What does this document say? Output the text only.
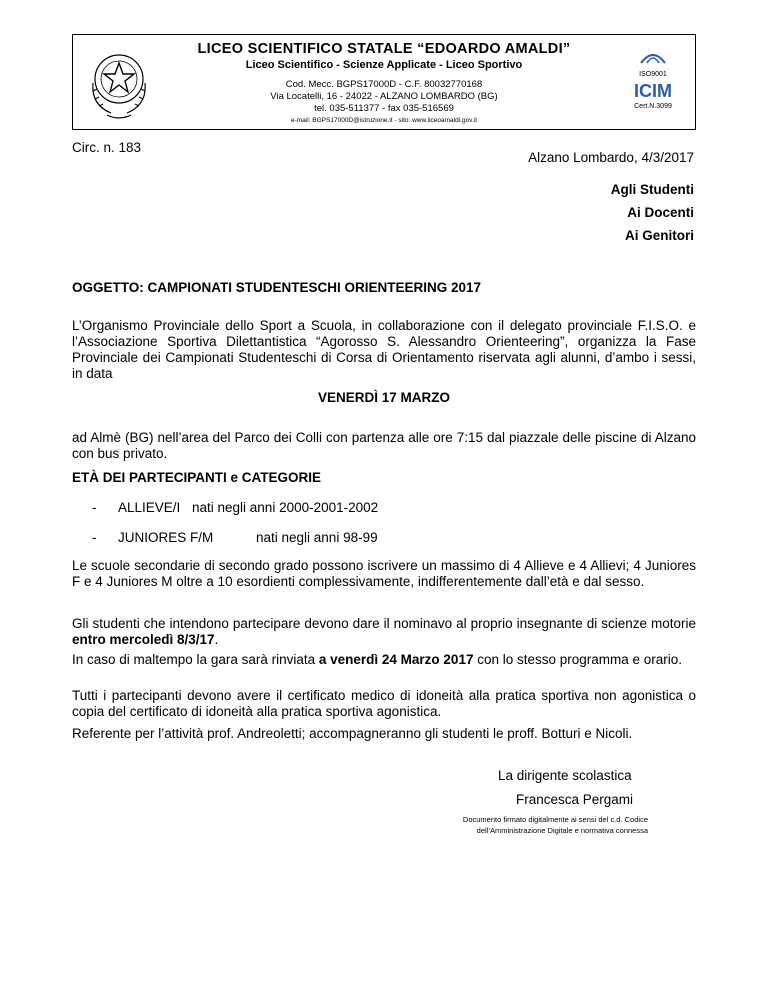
LICEO SCIENTIFICO STATALE “EDOARDO AMALDI”
Liceo Scientifico - Scienze Applicate - Liceo Sportivo
Cod. Mecc. BGPS17000D - C.F. 80032770168
Via Locatelli, 16 - 24022 - ALZANO LOMBARDO (BG)
tel. 035-511377 - fax 035-516569
e-mail: BGPS17000D@istruzione.it - sito: www.liceoamaldi.gov.it
ISO9001
ICIM
Cert.N.3099
Circ. n. 183
Alzano Lombardo, 4/3/2017
Agli Studenti
Ai Docenti
Ai Genitori
OGGETTO: CAMPIONATI STUDENTESCHI ORIENTEERING 2017
L’Organismo Provinciale dello Sport a Scuola, in collaborazione con il delegato provinciale F.I.S.O. e l’Associazione Sportiva Dilettantistica “Agorosso S. Alessandro Orienteering”, organizza la Fase Provinciale dei Campionati Studenteschi di Corsa di Orientamento riservata agli alunni, d’ambo i sessi, in data
VENERDÌ 17 MARZO
ad Almè (BG) nell’area del Parco dei Colli con partenza alle ore 7:15 dal piazzale delle piscine di Alzano con bus privato.
ETÀ DEI PARTECIPANTI e CATEGORIE
- ALLIEVE/I nati negli anni 2000-2001-2002
- JUNIORES F/M	nati negli anni 98-99
Le scuole secondarie di secondo grado possono iscrivere un massimo di 4 Allieve e 4 Allievi; 4 Juniores F e 4 Juniores M oltre a 10 esordienti complessivamente, indifferentemente dall’età e dal sesso.
Gli studenti che intendono partecipare devono dare il nominavo al proprio insegnante di scienze motorie entro mercoledì 8/3/17.
In caso di maltempo la gara sarà rinviata a venerdì 24 Marzo 2017 con lo stesso programma e orario.
Tutti i partecipanti devono avere il certificato medico di idoneità alla pratica sportiva non agonistica o copia del certificato di idoneità alla pratica sportiva agonistica.
Referente per l’attività prof. Andreoletti; accompagneranno gli studenti le proff. Botturi e Nicoli.
La dirigente scolastica
Francesca Pergami
Documento firmato digitalmente ai sensi del c.d. Codice
dell’Amministrazione Digitale e normativa connessa
